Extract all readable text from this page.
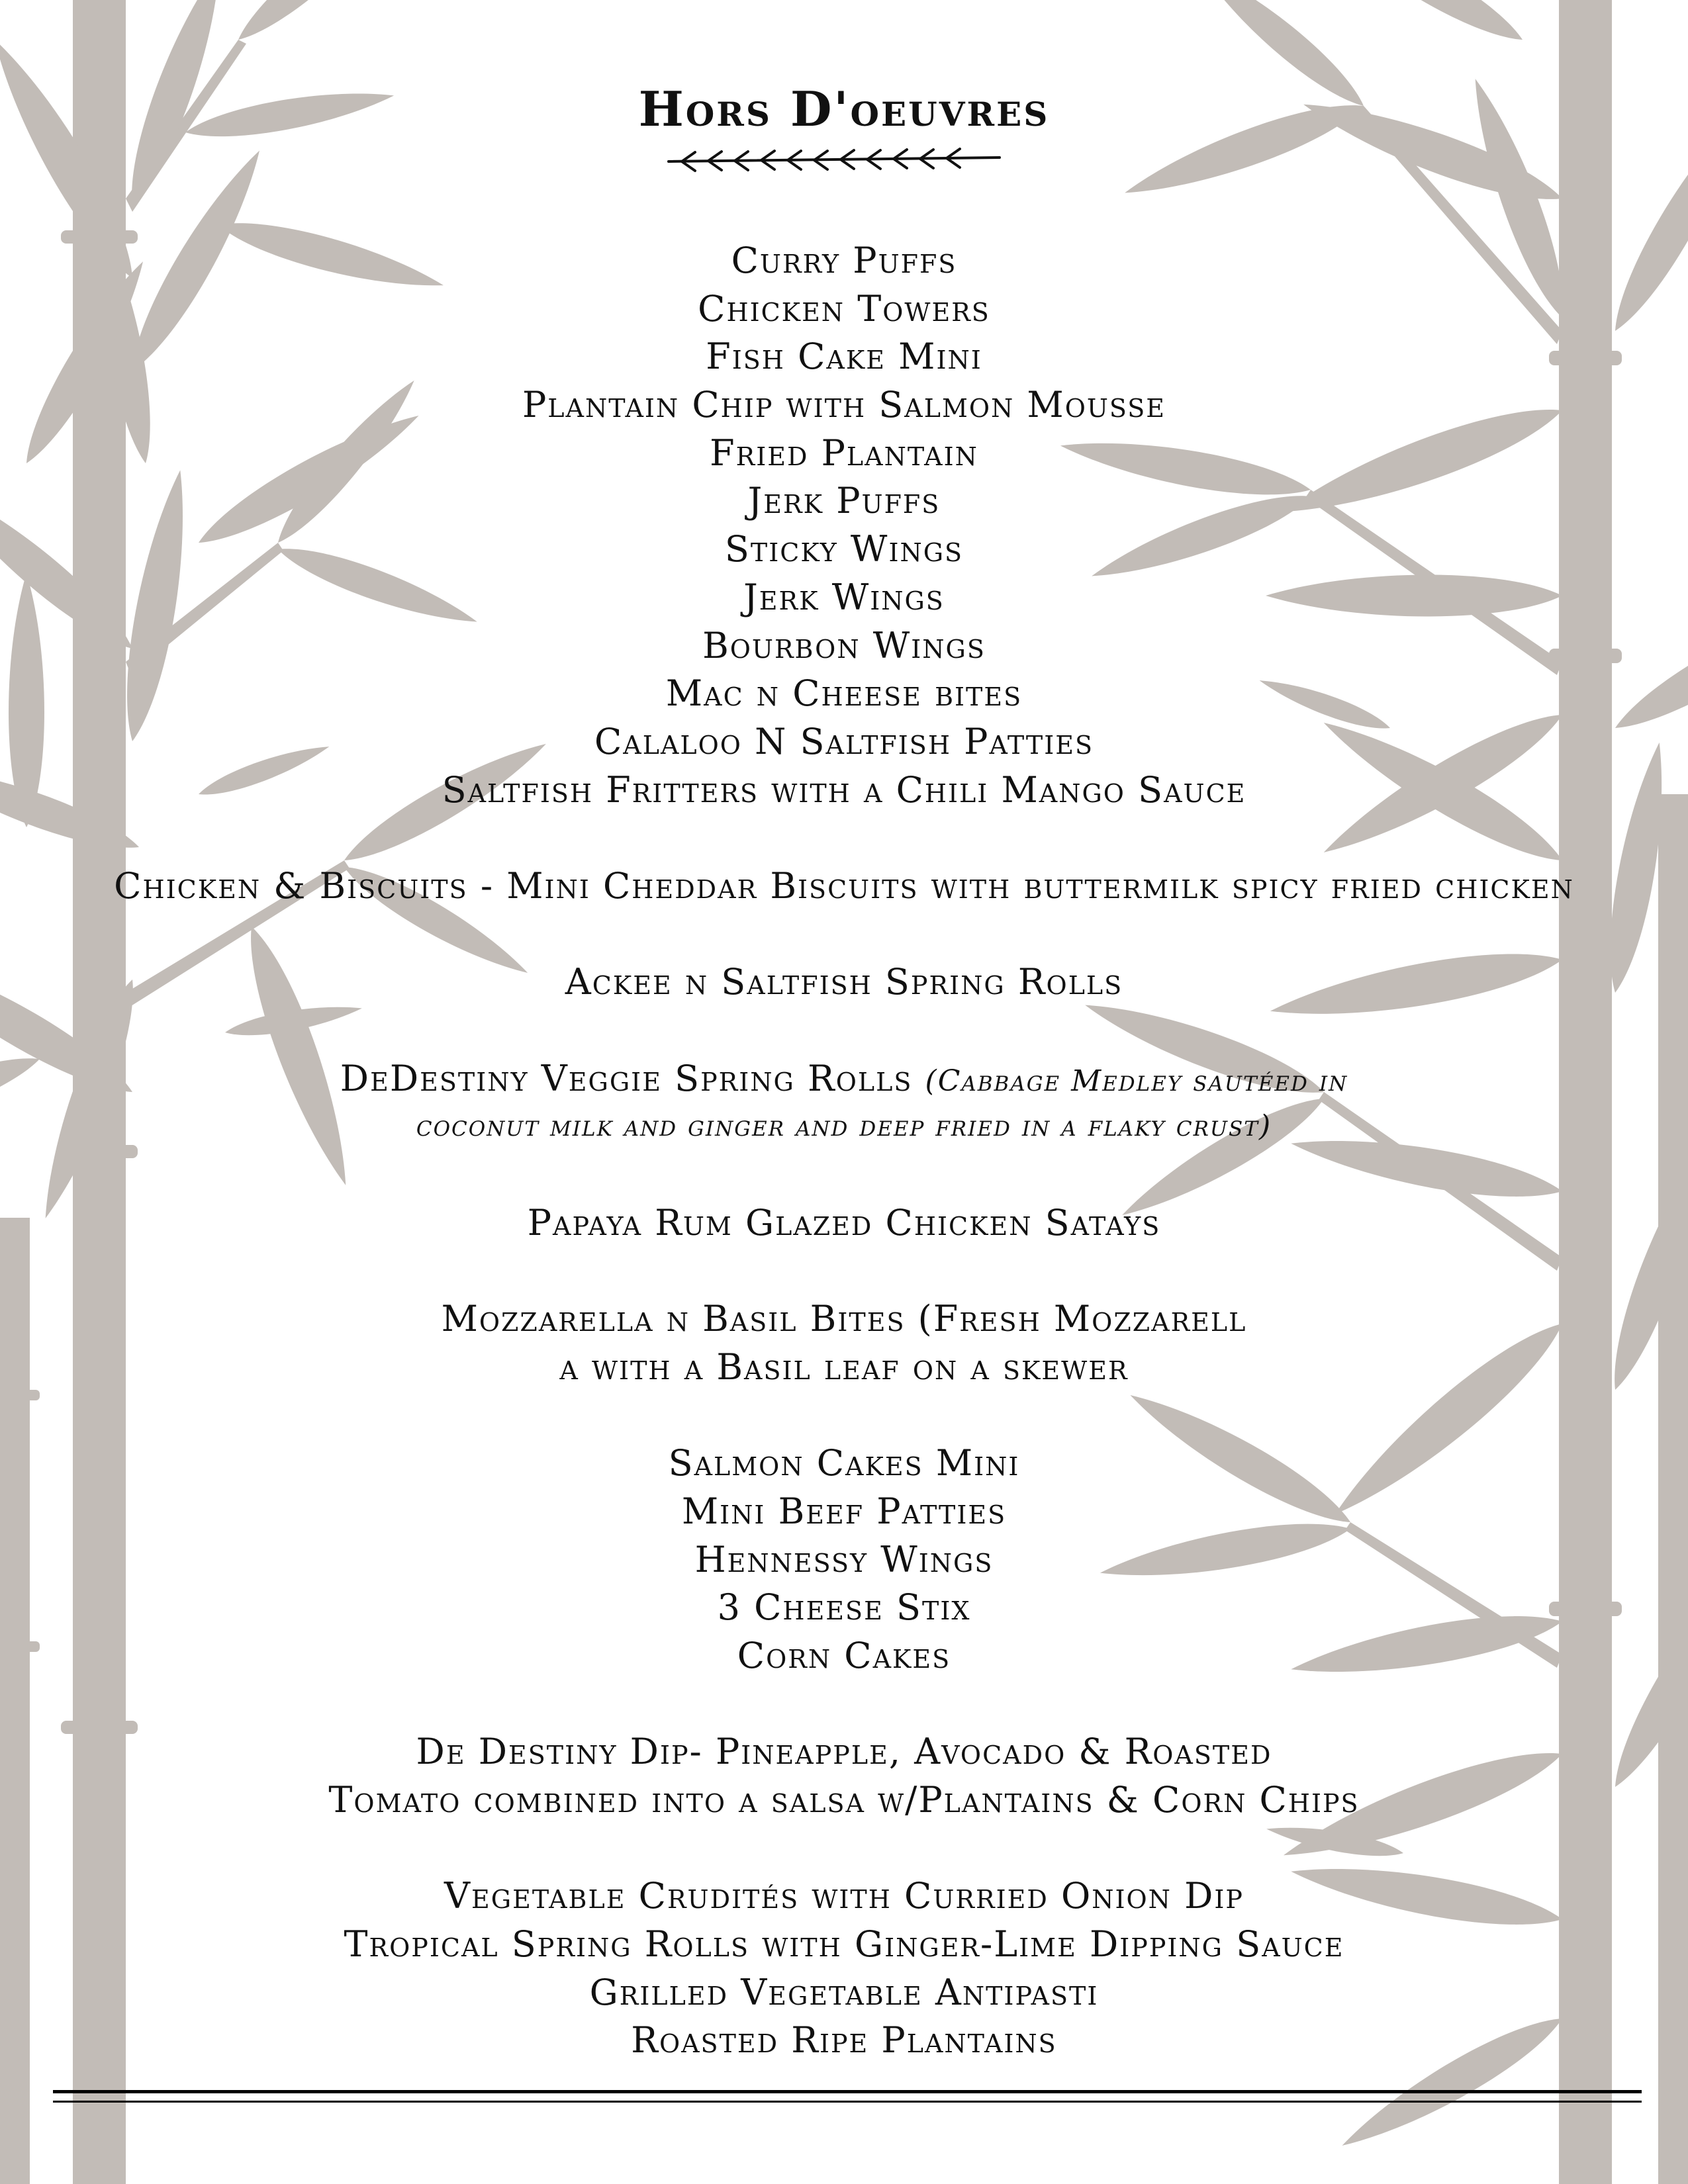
Hors D'oeuvres
Curry Puffs
Chicken Towers
Fish Cake Mini
Plantain Chip with Salmon Mousse
Fried Plantain
Jerk Puffs
Sticky Wings
Jerk Wings
Bourbon Wings
Mac n Cheese bites
Calaloo N Saltfish Patties
Saltfish Fritters with a Chili Mango Sauce
Chicken & Biscuits - Mini Cheddar Biscuits with buttermilk spicy fried chicken
Ackee n Saltfish Spring Rolls
DeDestiny Veggie Spring Rolls (Cabbage Medley sautéed in
coconut milk and ginger and deep fried in a flaky crust)
Papaya Rum Glazed Chicken Satays
Mozzarella n Basil Bites (Fresh Mozzarell
a with a Basil leaf on a skewer
Salmon Cakes Mini
Mini Beef Patties
Hennessy Wings
3 Cheese Stix
Corn Cakes
De Destiny Dip- Pineapple, Avocado & Roasted
Tomato combined into a salsa w/Plantains & Corn Chips
Vegetable Crudités with Curried Onion Dip
Tropical Spring Rolls with Ginger-Lime Dipping Sauce
Grilled Vegetable Antipasti
Roasted Ripe Plantains
